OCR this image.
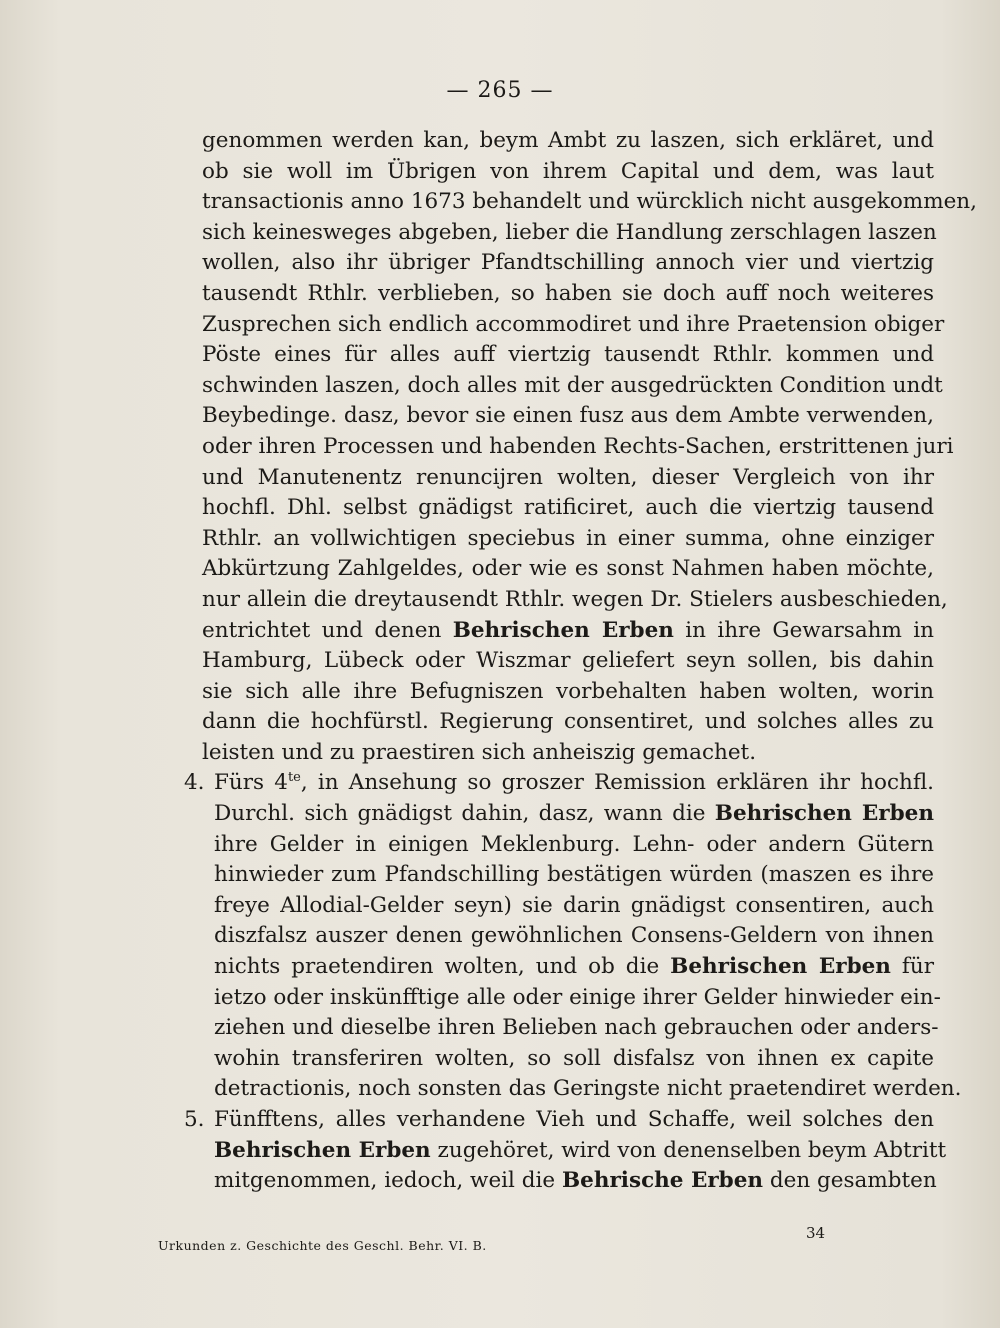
— 265 —
genommen werden kan, beym Ambt zu laszen, sich erkläret, und
ob sie woll im Übrigen von ihrem Capital und dem, was laut
transactionis anno 1673 behandelt und würcklich nicht ausgekommen,
sich keinesweges abgeben, lieber die Handlung zerschlagen laszen
wollen, also ihr übriger Pfandtschilling annoch vier und viertzig
tausendt Rthlr. verblieben, so haben sie doch auff noch weiteres
Zusprechen sich endlich accommodiret und ihre Praetension obiger
Pöste eines für alles auff viertzig tausendt Rthlr. kommen und
schwinden laszen, doch alles mit der ausgedrückten Condition undt
Beybedinge. dasz, bevor sie einen fusz aus dem Ambte verwenden,
oder ihren Processen und habenden Rechts-Sachen, erstrittenen juri
und Manutenentz renuncijren wolten, dieser Vergleich von ihr
hochfl. Dhl. selbst gnädigst ratificiret, auch die viertzig tausend
Rthlr. an vollwichtigen speciebus in einer summa, ohne einziger
Abkürtzung Zahlgeldes, oder wie es sonst Nahmen haben möchte,
nur allein die dreytausendt Rthlr. wegen Dr. Stielers ausbeschieden,
entrichtet und denen Behrischen Erben in ihre Gewarsahm in
Hamburg, Lübeck oder Wiszmar geliefert seyn sollen, bis dahin
sie sich alle ihre Befugniszen vorbehalten haben wolten, worin
dann die hochfürstl. Regierung consentiret, und solches alles zu
leisten und zu praestiren sich anheiszig gemachet.
4. Fürs $4^{te}$, in Ansehung so groszer Remission erklären ihr hochfl.
Durchl. sich gnädigst dahin, dasz, wann die Behrischen Erben
ihre Gelder in einigen Meklenburg. Lehn- oder andern Gütern
hinwieder zum Pfandschilling bestätigen würden (maszen es ihre
freye Allodial-Gelder seyn) sie darin gnädigst consentiren, auch
diszfalsz auszer denen gewöhnlichen Consens-Geldern von ihnen
nichts praetendiren wolten, und ob die Behrischen Erben für
ietzo oder inskünfftige alle oder einige ihrer Gelder hinwieder ein-
ziehen und dieselbe ihren Belieben nach gebrauchen oder anders-
wohin transferiren wolten, so soll disfalsz von ihnen ex capite
detractionis, noch sonsten das Geringste nicht praetendiret werden.
5. Fünfftens, alles verhandene Vieh und Schaffe, weil solches den
Behrischen Erben zugehöret, wird von denenselben beym Abtritt
mitgenommen, iedoch, weil die Behrische Erben den gesambten
Urkunden z. Geschichte des Geschl. Behr. VI. B.
34
